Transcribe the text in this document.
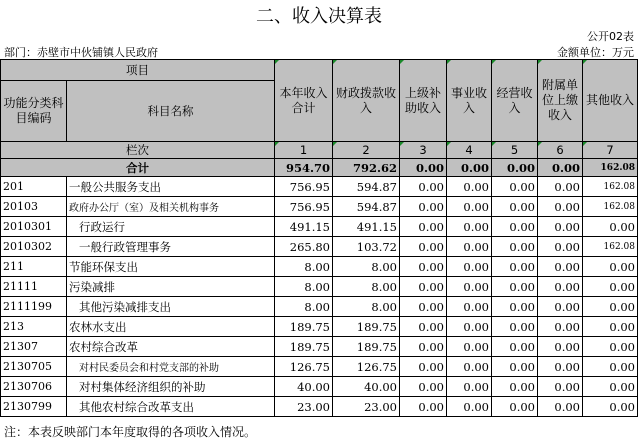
二、收入决算表
公开02表
部门：赤壁市中伙铺镇人民政府	金额单位：万元
项目		本年收入合计	财政拨款收入	上级补助收入	事业收入	经营收入	附属单位上缴收入	其他收入
功能分类科目编码	科目名称							
栏次		1	2	3	4	5	6	7
合计		954.70	792.62	0.00	0.00	0.00	0.00	162.08
201	一般公共服务支出	756.95	594.87	0.00	0.00	0.00	0.00	162.08
20103	政府办公厅（室）及相关机构事务	756.95	594.87	0.00	0.00	0.00	0.00	162.08
2010301	行政运行	491.15	491.15	0.00	0.00	0.00	0.00	0.00
2010302	一般行政管理事务	265.80	103.72	0.00	0.00	0.00	0.00	162.08
211	节能环保支出	8.00	8.00	0.00	0.00	0.00	0.00	0.00
21111	污染减排	8.00	8.00	0.00	0.00	0.00	0.00	0.00
2111199	其他污染减排支出	8.00	8.00	0.00	0.00	0.00	0.00	0.00
213	农林水支出	189.75	189.75	0.00	0.00	0.00	0.00	0.00
21307	农村综合改革	189.75	189.75	0.00	0.00	0.00	0.00	0.00
2130705	对村民委员会和村党支部的补助	126.75	126.75	0.00	0.00	0.00	0.00	0.00
2130706	对村集体经济组织的补助	40.00	40.00	0.00	0.00	0.00	0.00	0.00
2130799	其他农村综合改革支出	23.00	23.00	0.00	0.00	0.00	0.00	0.00
注：本表反映部门本年度取得的各项收入情况。
